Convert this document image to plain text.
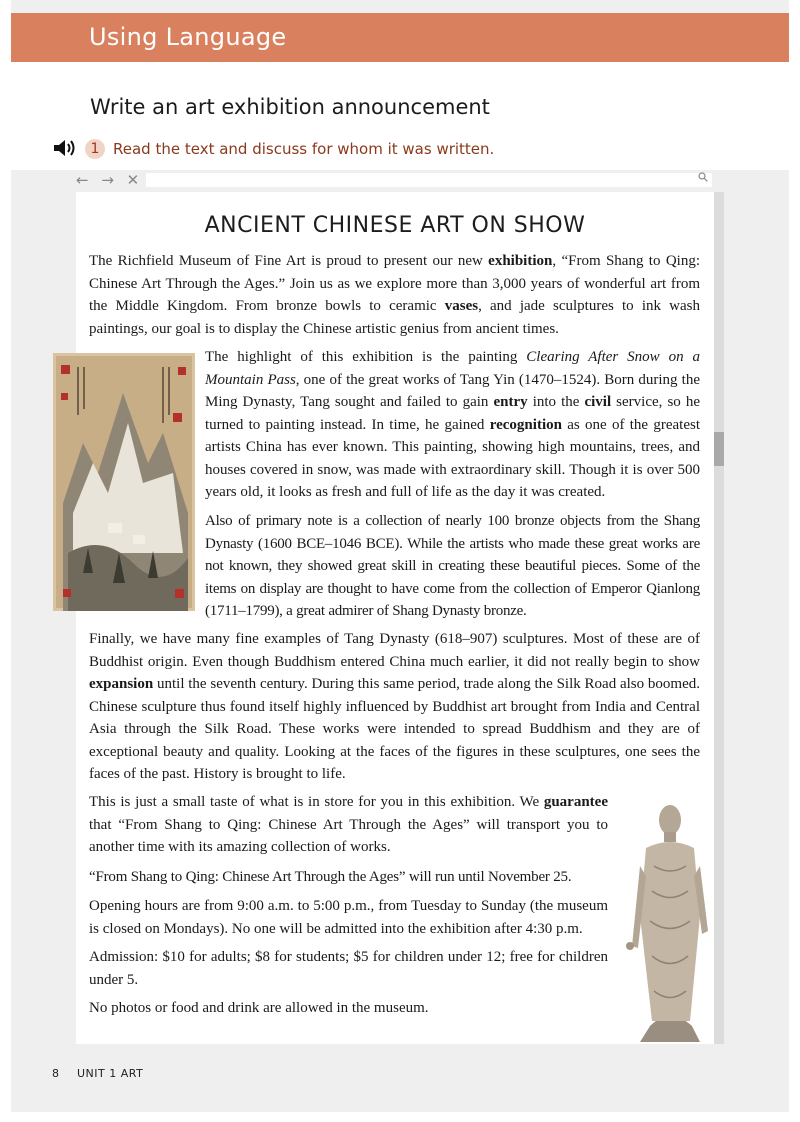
Using Language
Write an art exhibition announcement
1 Read the text and discuss for whom it was written.
← → ✕
ANCIENT CHINESE ART ON SHOW

The Richfield Museum of Fine Art is proud to present our new exhibition, “From Shang to Qing: Chinese Art Through the Ages.” Join us as we explore more than 3,000 years of wonderful art from the Middle Kingdom. From bronze bowls to ceramic vases, and jade sculptures to ink wash paintings, our goal is to display the Chinese artistic genius from ancient times.

The highlight of this exhibition is the painting Clearing After Snow on a Mountain Pass, one of the great works of Tang Yin (1470–1524). Born during the Ming Dynasty, Tang sought and failed to gain entry into the civil service, so he turned to painting instead. In time, he gained recognition as one of the greatest artists China has ever known. This painting, showing high mountains, trees, and houses covered in snow, was made with extraordinary skill. Though it is over 500 years old, it looks as fresh and full of life as the day it was created.

Also of primary note is a collection of nearly 100 bronze objects from the Shang Dynasty (1600 BCE–1046 BCE). While the artists who made these great works are not known, they showed great skill in creating these beautiful pieces. Some of the items on display are thought to have come from the collection of Emperor Qianlong (1711–1799), a great admirer of Shang Dynasty bronze.

Finally, we have many fine examples of Tang Dynasty (618–907) sculptures. Most of these are of Buddhist origin. Even though Buddhism entered China much earlier, it did not really begin to show expansion until the seventh century. During this same period, trade along the Silk Road also boomed. Chinese sculpture thus found itself highly influenced by Buddhist art brought from India and Central Asia through the Silk Road. These works were intended to spread Buddhism and they are of exceptional beauty and quality. Looking at the faces of the figures in these sculptures, one sees the faces of the past. History is brought to life.

This is just a small taste of what is in store for you in this exhibition. We guarantee that “From Shang to Qing: Chinese Art Through the Ages” will transport you to another time with its amazing collection of works.

“From Shang to Qing: Chinese Art Through the Ages” will run until November 25.

Opening hours are from 9:00 a.m. to 5:00 p.m., from Tuesday to Sunday (the museum is closed on Mondays). No one will be admitted into the exhibition after 4:30 p.m.

Admission: $10 for adults; $8 for students; $5 for children under 12; free for children under 5.

No photos or food and drink are allowed in the museum.

8 UNIT 1 ART
